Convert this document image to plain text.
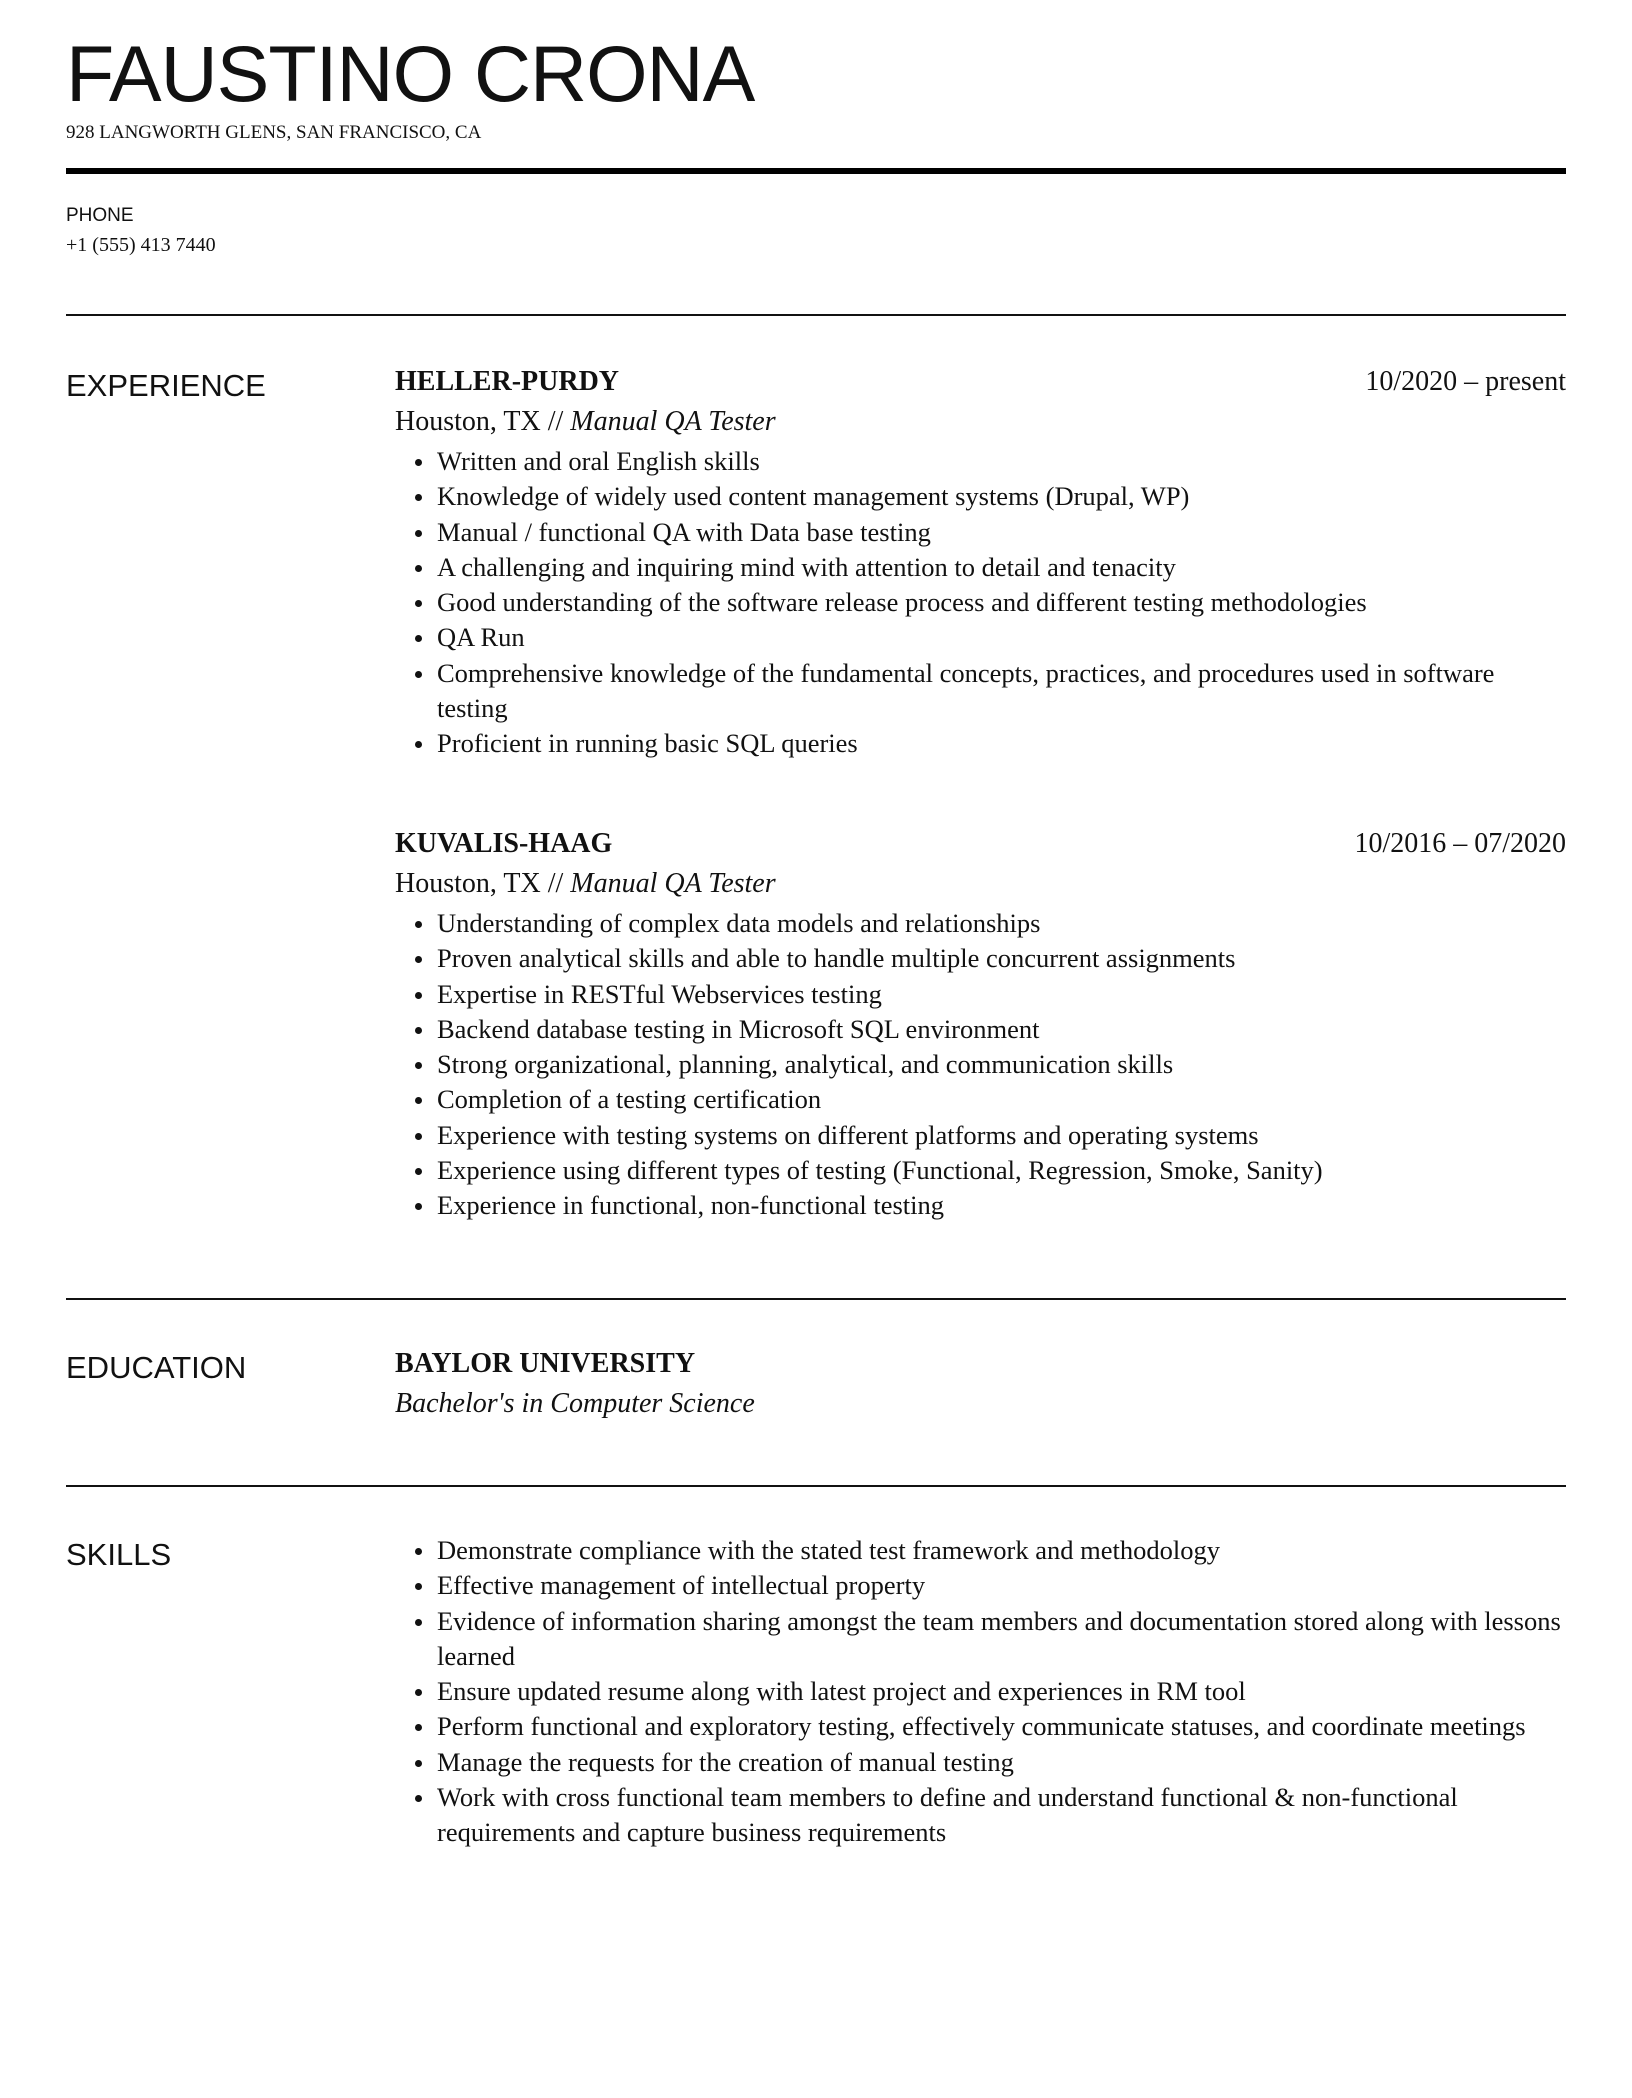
FAUSTINO CRONA
928 LANGWORTH GLENS, SAN FRANCISCO, CA
PHONE
+1 (555) 413 7440
EXPERIENCE	HELLER-PURDY	10/2020 – present
Houston, TX // Manual QA Tester
Written and oral English skills
Knowledge of widely used content management systems (Drupal, WP)
Manual / functional QA with Data base testing
A challenging and inquiring mind with attention to detail and tenacity
Good understanding of the software release process and different testing methodologies
QA Run
Comprehensive knowledge of the fundamental concepts, practices, and procedures used in software testing
Proficient in running basic SQL queries
KUVALIS-HAAG	10/2016 – 07/2020
Houston, TX // Manual QA Tester
Understanding of complex data models and relationships
Proven analytical skills and able to handle multiple concurrent assignments
Expertise in RESTful Webservices testing
Backend database testing in Microsoft SQL environment
Strong organizational, planning, analytical, and communication skills
Completion of a testing certification
Experience with testing systems on different platforms and operating systems
Experience using different types of testing (Functional, Regression, Smoke, Sanity)
Experience in functional, non-functional testing
EDUCATION	BAYLOR UNIVERSITY
Bachelor's in Computer Science
SKILLS	Demonstrate compliance with the stated test framework and methodology
Effective management of intellectual property
Evidence of information sharing amongst the team members and documentation stored along with lessons learned
Ensure updated resume along with latest project and experiences in RM tool
Perform functional and exploratory testing, effectively communicate statuses, and coordinate meetings
Manage the requests for the creation of manual testing
Work with cross functional team members to define and understand functional & non-functional requirements and capture business requirements
